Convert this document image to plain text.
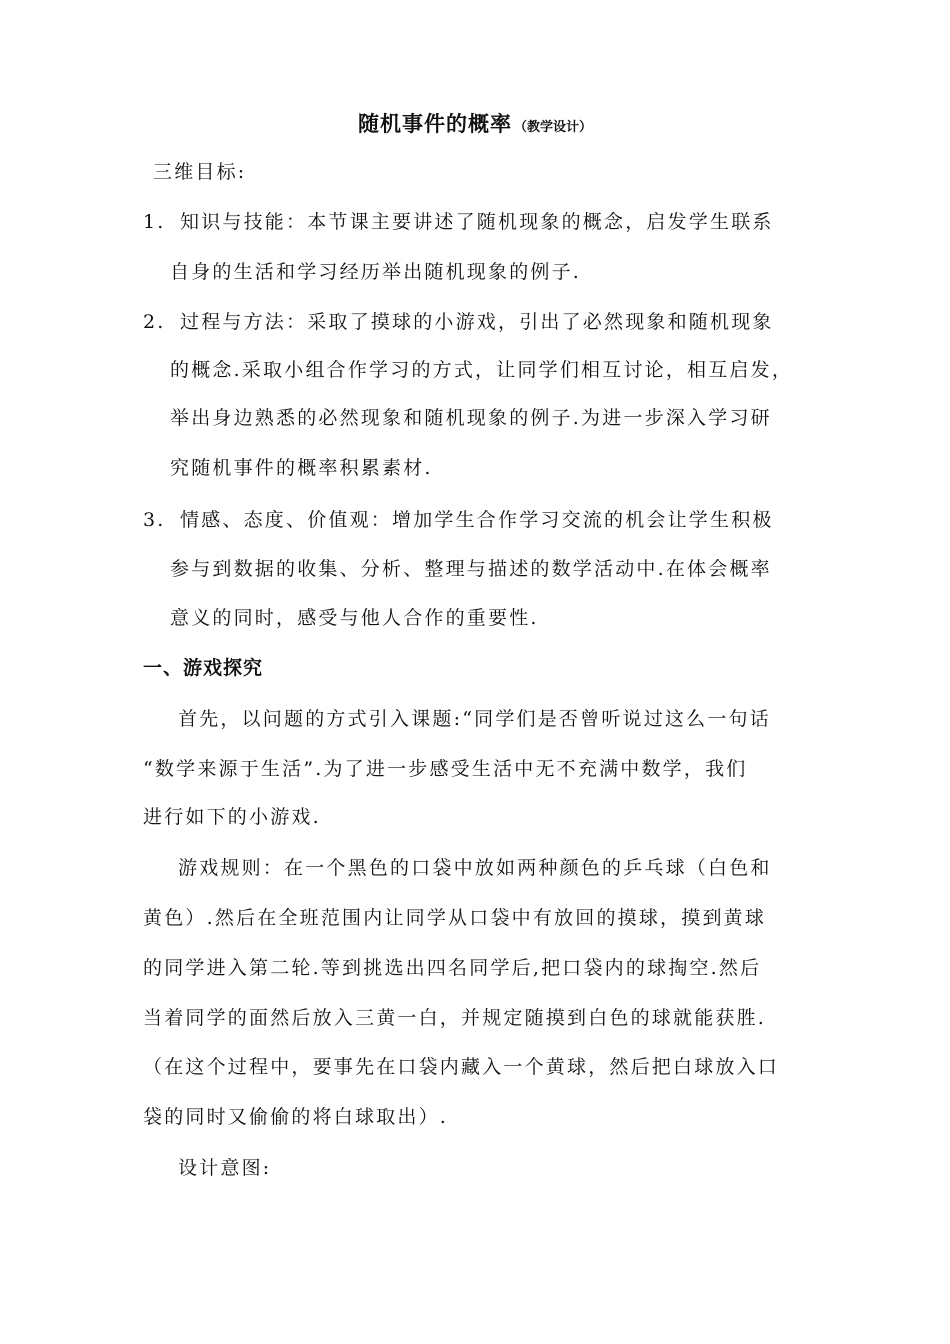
随机事件的概率 （教学设计）
三维目标:
1. 知识与技能：本节课主要讲述了随机现象的概念，启发学生联系
自身的生活和学习经历举出随机现象的例子.
2. 过程与方法：采取了摸球的小游戏，引出了必然现象和随机现象
的概念.采取小组合作学习的方式，让同学们相互讨论，相互启发，
举出身边熟悉的必然现象和随机现象的例子.为进一步深入学习研
究随机事件的概率积累素材.
3. 情感、态度、价值观：增加学生合作学习交流的机会让学生积极
参与到数据的收集、分析、整理与描述的数学活动中.在体会概率
意义的同时，感受与他人合作的重要性.
一、游戏探究
首先，以问题的方式引入课题:“同学们是否曾听说过这么一句话
“数学来源于生活”.为了进一步感受生活中无不充满中数学，我们
进行如下的小游戏.
游戏规则：在一个黑色的口袋中放如两种颜色的乒乓球（白色和
黄色）.然后在全班范围内让同学从口袋中有放回的摸球，摸到黄球
的同学进入第二轮.等到挑选出四名同学后,把口袋内的球掏空.然后
当着同学的面然后放入三黄一白，并规定随摸到白色的球就能获胜.
（在这个过程中，要事先在口袋内藏入一个黄球，然后把白球放入口
袋的同时又偷偷的将白球取出）.
设计意图:
